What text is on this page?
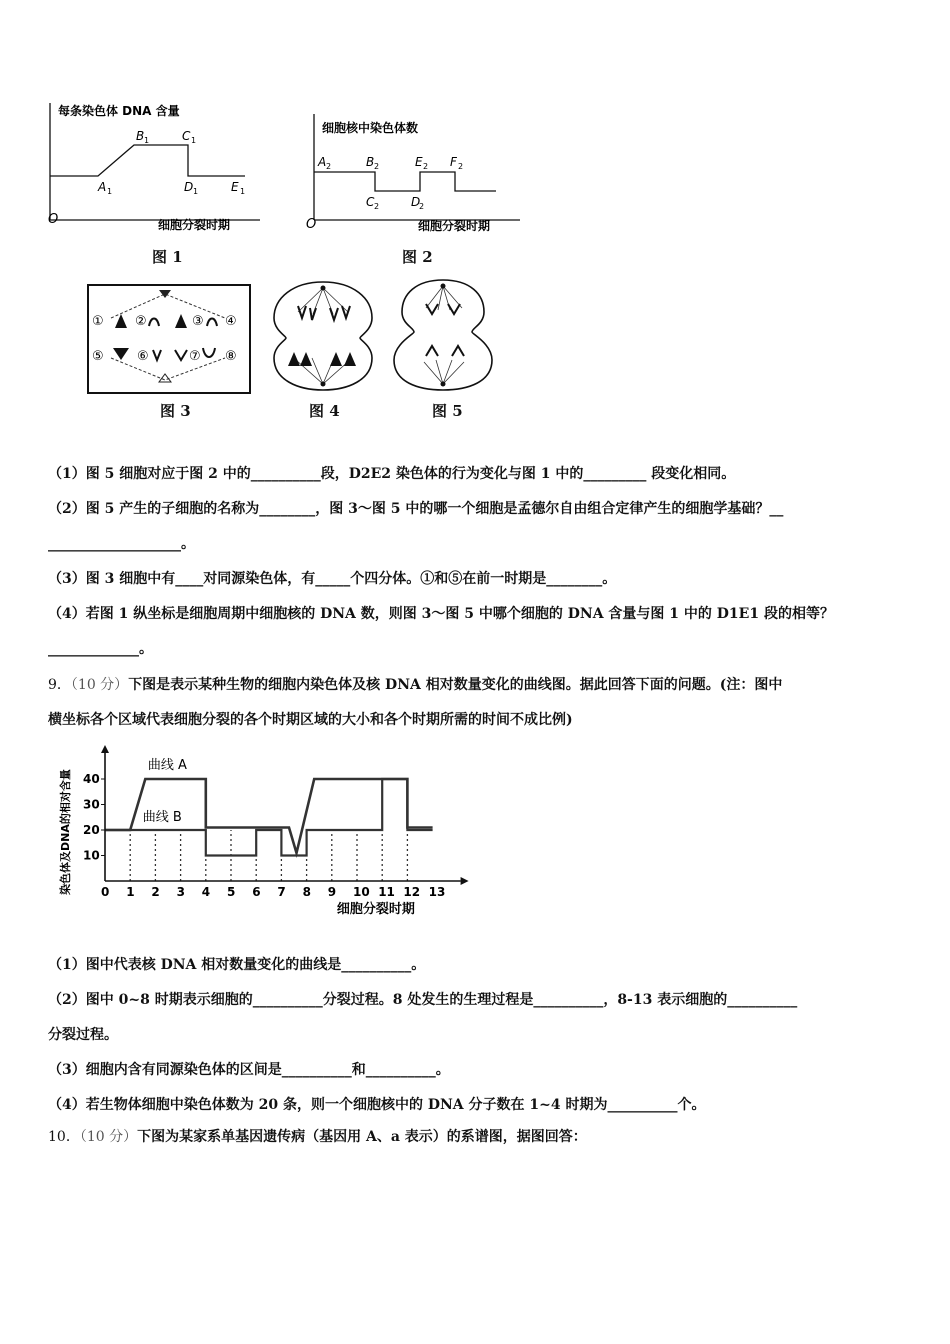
每条染色体 DNA 含量
细胞分裂时期
O
A 1
B 1	C 1
D 1	E 1
图 1
细胞核中染色体数
细胞分裂时期
O
A 2	B 2
C 2	D
2
E 2 F 2
图 2
① ②	③ ④
⑤	⑥	⑦ ⑧
图 3	图 4	图 5
（1）图 5 细胞对应于图 2 中的__________段，D2E2 染色体的行为变化与图 1 中的_________ 段变化相同。
（2）图 5 产生的子细胞的名称为________，图 3～图 5 中的哪一个细胞是孟德尔自由组合定律产生的细胞学基础？__
___________________。
（3）图 3 细胞中有____对同源染色体，有_____个四分体。①和⑤在前一时期是________。
（4）若图 1 纵坐标是细胞周期中细胞核的 DNA 数，则图 3～图 5 中哪个细胞的 DNA 含量与图 1 中的 D1E1 段的相等？
_____________。
9．（10 分）下图是表示某种生物的细胞内染色体及核 DNA 相对数量变化的曲线图。据此回答下面的问题。(注：图中
横坐标各个区域代表细胞分裂的各个时期区域的大小和各个时期所需的时间不成比例)
0 1 2 3 4 5 6 7 8 9 10 11 12 13
10
20
30
40
染色体及DNA的相对含量
细胞分裂时期
曲线 A
曲线 B
（1）图中代表核 DNA 相对数量变化的曲线是__________。
（2）图中 0~8 时期表示细胞的__________分裂过程。8 处发生的生理过程是__________，8-13 表示细胞的__________
分裂过程。
（3）细胞内含有同源染色体的区间是__________和__________。
（4）若生物体细胞中染色体数为 20 条，则一个细胞核中的 DNA 分子数在 1~4 时期为__________个。
10．（10 分）下图为某家系单基因遗传病（基因用 A、a 表示）的系谱图，据图回答：
